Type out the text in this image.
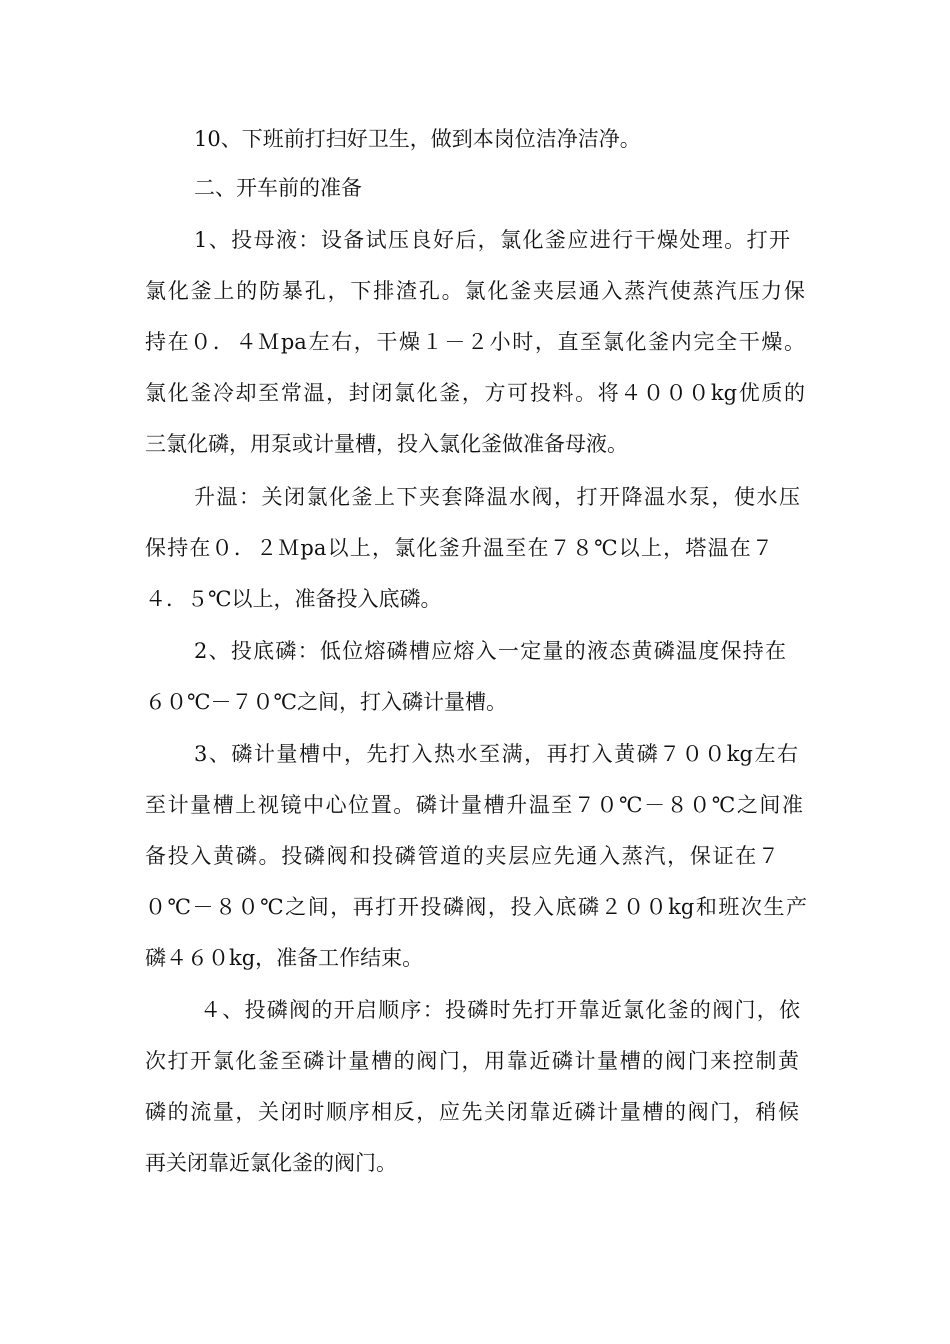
10、下班前打扫好卫生，做到本岗位洁净洁净。
二、开车前的准备
1、投母液：设备试压良好后，氯化釜应进行干燥处理。打开
氯化釜上的防暴孔，下排渣孔。氯化釜夹层通入蒸汽使蒸汽压力保
持在０．４Ｍpa左右，干燥１－２小时，直至氯化釜内完全干燥。
氯化釜冷却至常温，封闭氯化釜，方可投料。将４０００kg优质的
三氯化磷，用泵或计量槽，投入氯化釜做准备母液。
升温：关闭氯化釜上下夹套降温水阀，打开降温水泵，使水压
保持在０．２Ｍpa以上，氯化釜升温至在７８℃以上，塔温在７
４．５℃以上，准备投入底磷。
2、投底磷：低位熔磷槽应熔入一定量的液态黄磷温度保持在
６０℃－７０℃之间，打入磷计量槽。
3、磷计量槽中，先打入热水至满，再打入黄磷７００kg左右
至计量槽上视镜中心位置。磷计量槽升温至７０℃－８０℃之间准
备投入黄磷。投磷阀和投磷管道的夹层应先通入蒸汽，保证在７
０℃－８０℃之间，再打开投磷阀，投入底磷２００kg和班次生产
磷４６０kg，准备工作结束。
４、投磷阀的开启顺序：投磷时先打开靠近氯化釜的阀门，依
次打开氯化釜至磷计量槽的阀门，用靠近磷计量槽的阀门来控制黄
磷的流量，关闭时顺序相反，应先关闭靠近磷计量槽的阀门，稍候
再关闭靠近氯化釜的阀门。
